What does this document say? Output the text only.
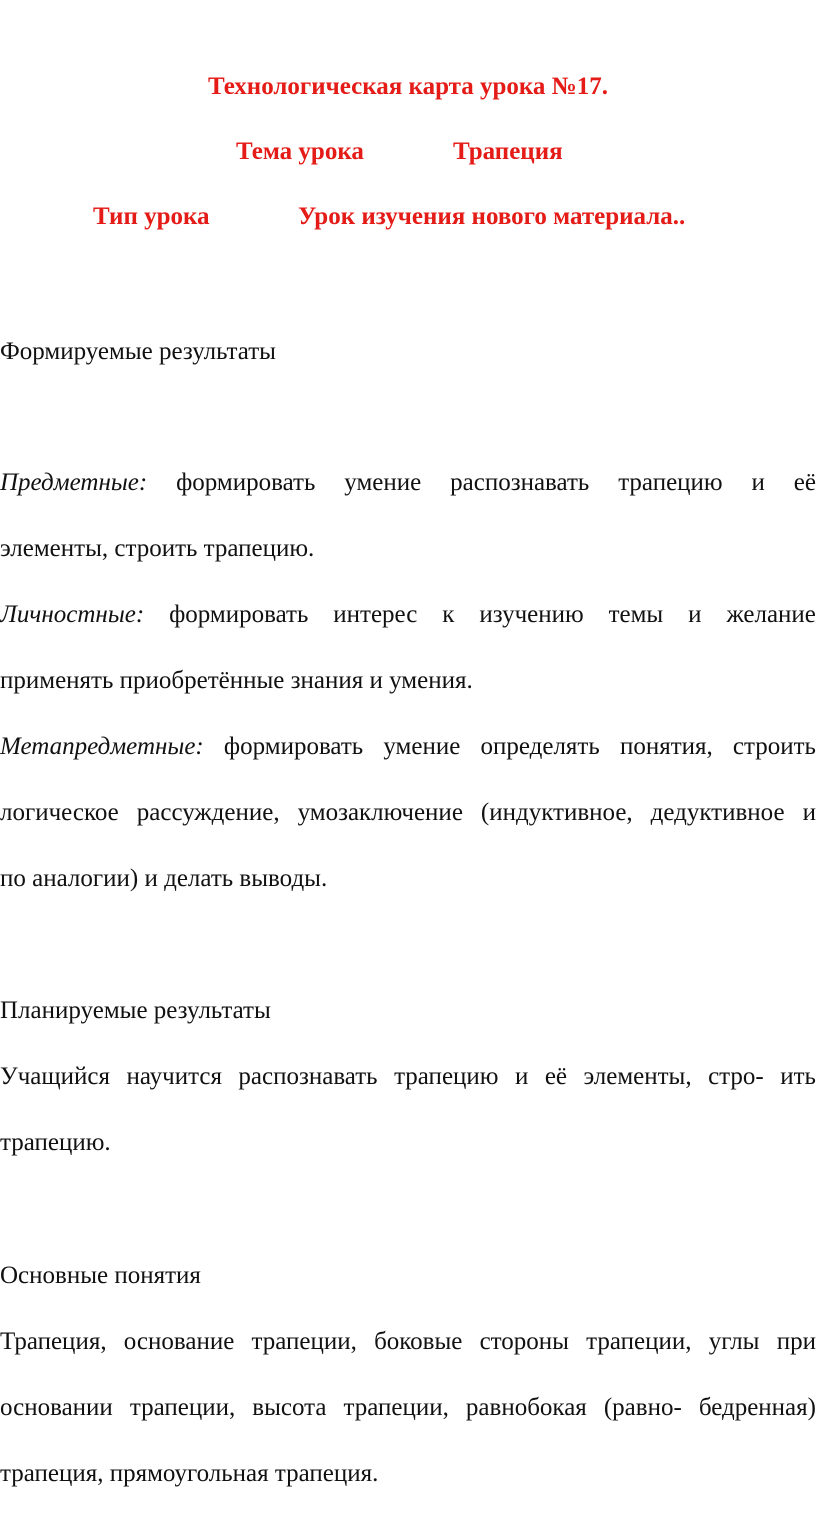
Технологическая карта урока №17.
Тема урока	Трапеция
Тип урока	Урок изучения нового материала..
Формируемые результаты
Предметные: формировать умение распознавать трапецию и её
элементы, строить трапецию.
Личностные: формировать интерес к изучению темы и желание
применять приобретённые знания и умения.
Метапредметные: формировать умение определять понятия, строить
логическое рассуждение, умозаключение (индуктивное, дедуктивное и
по аналогии) и делать выводы.
Планируемые результаты
Учащийся научится распознавать трапецию и её элементы, стро- ить
трапецию.
Основные понятия
Трапеция, основание трапеции, боковые стороны трапеции, углы при
основании трапеции, высота трапеции, равнобокая (равно- бедренная)
трапеция, прямоугольная трапеция.
